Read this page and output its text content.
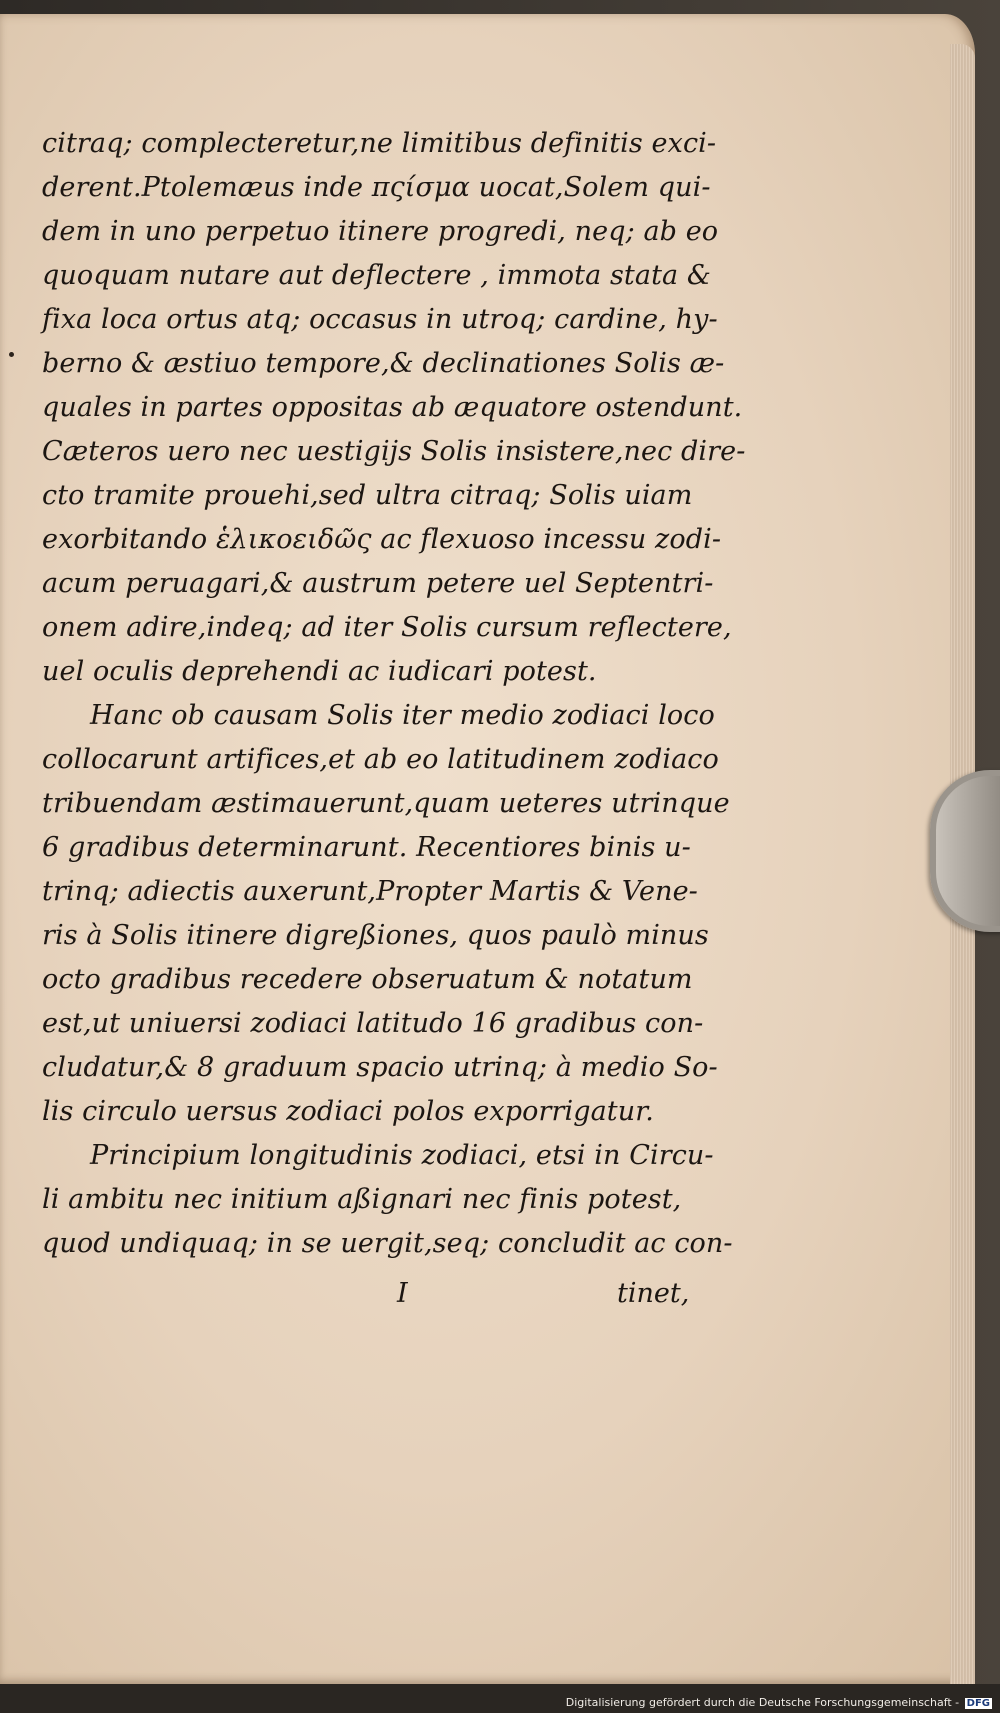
citraq; complecteretur,ne limitibus definitis exci-
derent.Ptolemæus inde πςίσμα uocat,Solem qui-
dem in uno perpetuo itinere progredi, neq; ab eo
quoquam nutare aut deflectere , immota stata &
fixa loca ortus atq; occasus in utroq; cardine, hy-
berno & æstiuo tempore,& declinationes Solis æ-
quales in partes oppositas ab æquatore ostendunt.
Cæteros uero nec uestigijs Solis insistere,nec dire-
cto tramite prouehi,sed ultra citraq; Solis uiam
exorbitando ἑλικοειδῶς ac flexuoso incessu zodi-
acum peruagari,& austrum petere uel Septentri-
onem adire,indeq; ad iter Solis cursum reflectere,
uel oculis deprehendi ac iudicari potest.
Hanc ob causam Solis iter medio zodiaci loco
collocarunt artifices,et ab eo latitudinem zodiaco
tribuendam æstimauerunt,quam ueteres utrinque
6 gradibus determinarunt. Recentiores binis u-
trinq; adiectis auxerunt,Propter Martis & Vene-
ris à Solis itinere digreßiones, quos paulò minus
octo gradibus recedere obseruatum & notatum
est,ut uniuersi zodiaci latitudo 16 gradibus con-
cludatur,& 8 graduum spacio utrinq; à medio So-
lis circulo uersus zodiaci polos exporrigatur.
Principium longitudinis zodiaci, etsi in Circu-
li ambitu nec initium aßignari nec finis potest,
quod undiquaq; in se uergit,seq; concludit ac con-
I	tinet,
Digitalisierung gefördert durch die Deutsche Forschungsgemeinschaft - DFG
